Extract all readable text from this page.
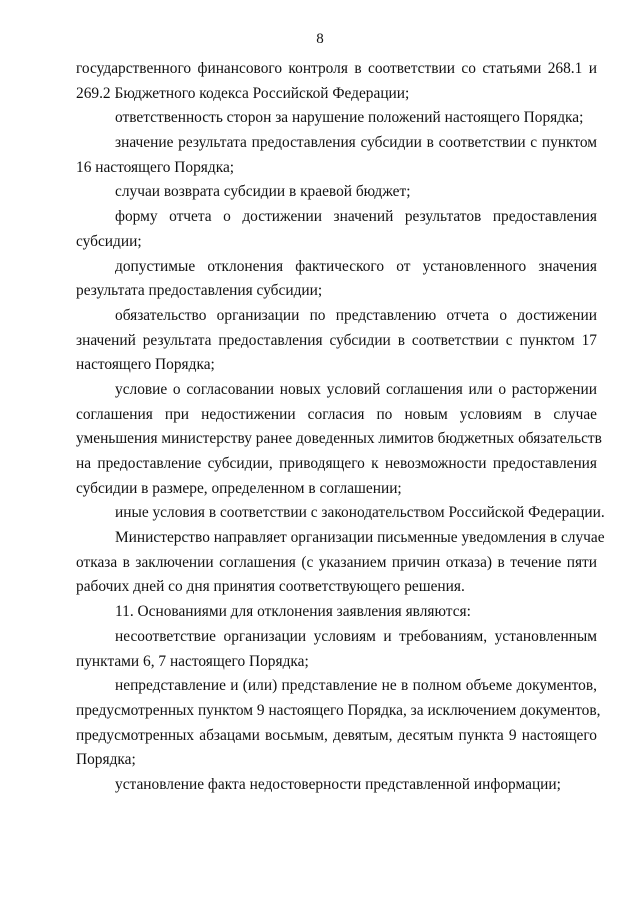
8
государственного финансового контроля в соответствии со статьями 268.1 и
269.2 Бюджетного кодекса Российской Федерации;
ответственность сторон за нарушение положений настоящего Порядка;
значение результата предоставления субсидии в соответствии с пунктом
16 настоящего Порядка;
случаи возврата субсидии в краевой бюджет;
форму отчета о достижении значений результатов предоставления
субсидии;
допустимые отклонения фактического от установленного значения
результата предоставления субсидии;
обязательство организации по представлению отчета о достижении
значений результата предоставления субсидии в соответствии с пунктом 17
настоящего Порядка;
условие о согласовании новых условий соглашения или о расторжении
соглашения при недостижении согласия по новым условиям в случае
уменьшения министерству ранее доведенных лимитов бюджетных обязательств
на предоставление субсидии, приводящего к невозможности предоставления
субсидии в размере, определенном в соглашении;
иные условия в соответствии с законодательством Российской Федерации.
Министерство направляет организации письменные уведомления в случае
отказа в заключении соглашения (с указанием причин отказа) в течение пяти
рабочих дней со дня принятия соответствующего решения.
11. Основаниями для отклонения заявления являются:
несоответствие организации условиям и требованиям, установленным
пунктами 6, 7 настоящего Порядка;
непредставление и (или) представление не в полном объеме документов,
предусмотренных пунктом 9 настоящего Порядка, за исключением документов,
предусмотренных абзацами восьмым, девятым, десятым пункта 9 настоящего
Порядка;
установление факта недостоверности представленной информации;
